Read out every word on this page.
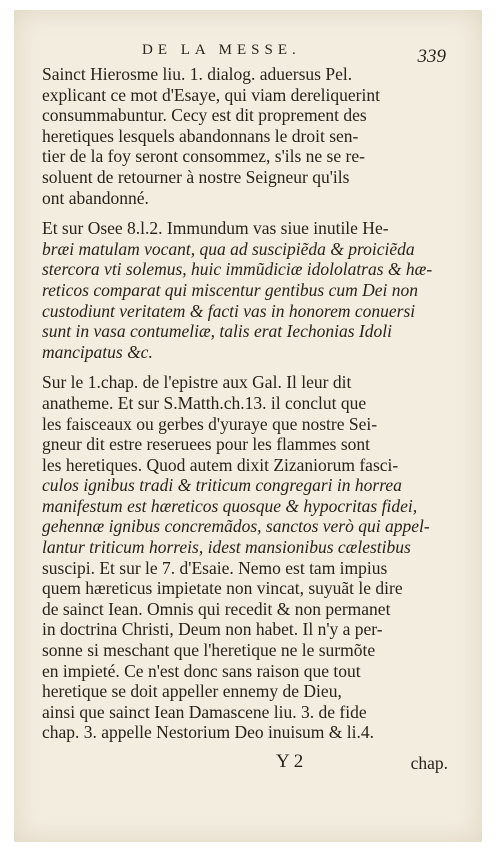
DE LA MESSE.	339
Sainct Hierosme liu. 1. dialog. aduersus Pel.
explicant ce mot d'Esaye, qui viam dereliquerint
consummabuntur. Cecy est dit proprement des
heretiques lesquels abandonnans le droit sen-
tier de la foy seront consommez, s'ils ne se re-
soluent de retourner à nostre Seigneur qu'ils
ont abandonné.
Et sur Osee 8.l.2. Immundum vas siue inutile He-
bræi matulam vocant, qua ad suscipiẽda & proiciẽda
stercora vti solemus, huic immũdiciæ idololatras & hæ-
reticos comparat qui miscentur gentibus cum Dei non
custodiunt veritatem & facti vas in honorem conuersi
sunt in vasa contumeliæ, talis erat Iechonias Idoli
mancipatus &c.
Sur le 1.chap. de l'epistre aux Gal. Il leur dit
anatheme. Et sur S.Matth.ch.13. il conclut que
les faisceaux ou gerbes d'yuraye que nostre Sei-
gneur dit estre reseruees pour les flammes sont
les heretiques. Quod autem dixit Zizaniorum fasci-
culos ignibus tradi & triticum congregari in horrea
manifestum est hæreticos quosque & hypocritas fidei,
gehennæ ignibus concremãdos, sanctos verò qui appel-
lantur triticum horreis, idest mansionibus cælestibus
suscipi. Et sur le 7. d'Esaie. Nemo est tam impius
quem hæreticus impietate non vincat, suyuãt le dire
de sainct Iean. Omnis qui recedit & non permanet
in doctrina Christi, Deum non habet. Il n'y a per-
sonne si meschant que l'heretique ne le surmõte
en impieté. Ce n'est donc sans raison que tout
heretique se doit appeller ennemy de Dieu,
ainsi que sainct Iean Damascene liu. 3. de fide
chap. 3. appelle Nestorium Deo inuisum & li.4.
Y 2	chap.
